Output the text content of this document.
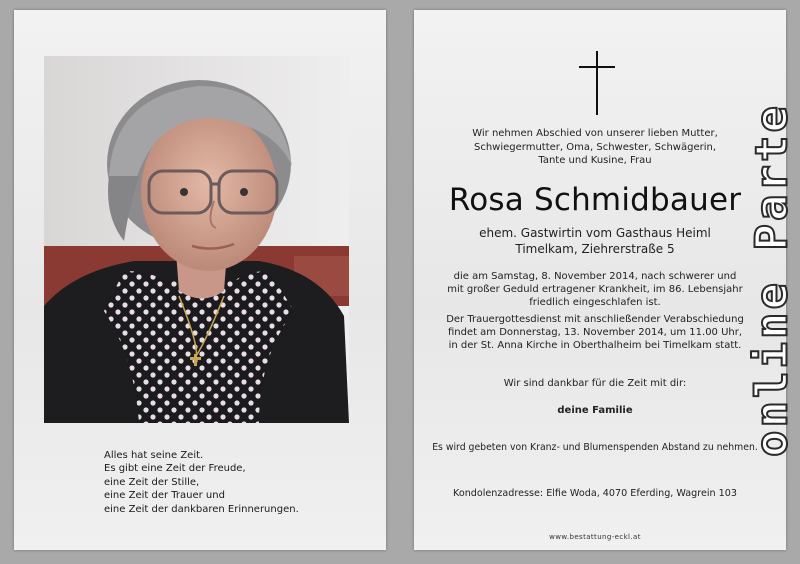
Alles hat seine Zeit.
Es gibt eine Zeit der Freude,
eine Zeit der Stille,
eine Zeit der Trauer und
eine Zeit der dankbaren Erinnerungen.
Wir nehmen Abschied von unserer lieben Mutter,
Schwiegermutter, Oma, Schwester, Schwägerin,
Tante und Kusine, Frau
Rosa Schmidbauer
ehem. Gastwirtin vom Gasthaus Heiml
Timelkam, Ziehrerstraße 5
die am Samstag, 8. November 2014, nach schwerer und
mit großer Geduld ertragener Krankheit, im 86. Lebensjahr
friedlich eingeschlafen ist.
Der Trauergottesdienst mit anschließender Verabschiedung
findet am Donnerstag, 13. November 2014, um 11.00 Uhr,
in der St. Anna Kirche in Oberthalheim bei Timelkam statt.
Wir sind dankbar für die Zeit mit dir:
deine Familie
Es wird gebeten von Kranz- und Blumenspenden Abstand zu nehmen.
Kondolenzadresse: Elfie Woda, 4070 Eferding, Wagrein 103
www.bestattung-eckl.at
online Parte
